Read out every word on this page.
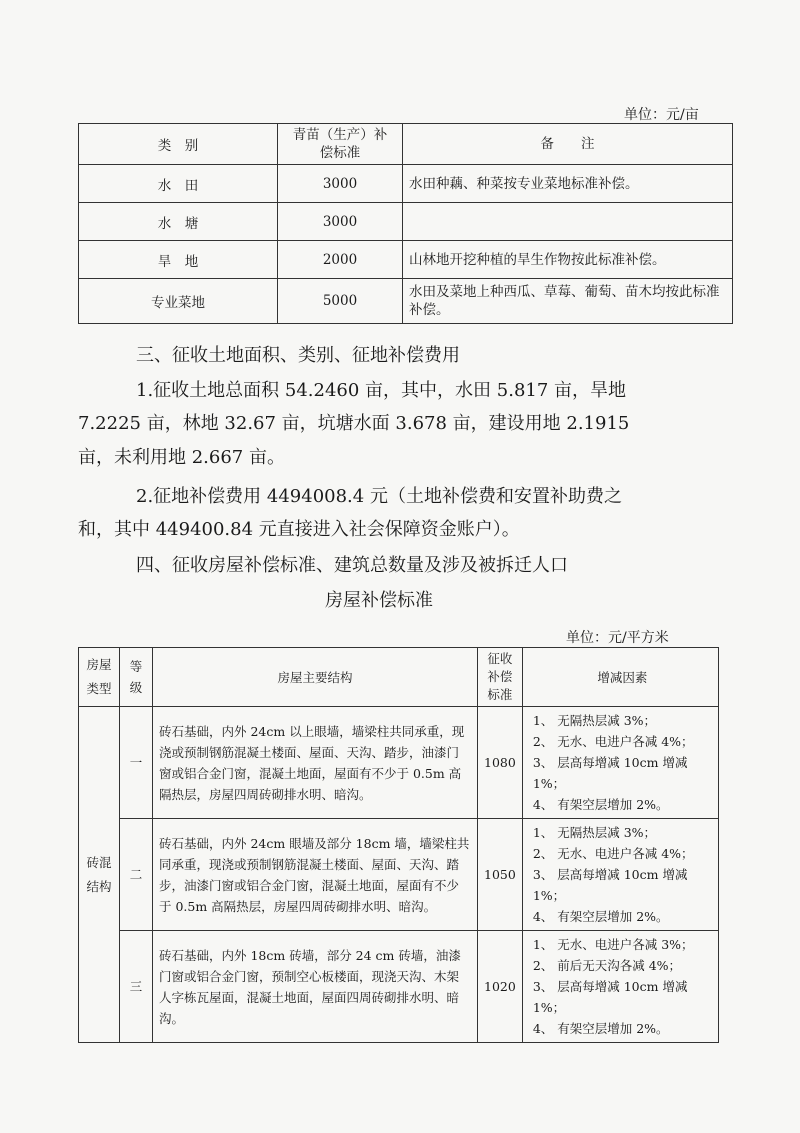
单位：元/亩
类　别	青苗（生产）补偿标准	备　　注
水　田	3000	水田种藕、种菜按专业菜地标准补偿。
水　塘	3000	
旱　地	2000	山林地开挖种植的旱生作物按此标准补偿。
专业菜地	5000	水田及菜地上种西瓜、草莓、葡萄、苗木均按此标准补偿。
三、征收土地面积、类别、征地补偿费用
1.征收土地总面积 54.2460 亩，其中，水田 5.817 亩，旱地
7.2225 亩，林地 32.67 亩，坑塘水面 3.678 亩，建设用地 2.1915
亩，未利用地 2.667 亩。
2.征地补偿费用 4494008.4 元（土地补偿费和安置补助费之
和，其中 449400.84 元直接进入社会保障资金账户）。
四、征收房屋补偿标准、建筑总数量及涉及被拆迁人口
房屋补偿标准
单位：元/平方米
房屋类型	等级	房屋主要结构	征收补偿标准	增减因素
砖混结构	一	砖石基础，内外 24cm 以上眼墙，墙梁柱共同承重，现浇或预制钢筋混凝土楼面、屋面、天沟、踏步，油漆门窗或铝合金门窗，混凝土地面，屋面有不少于 0.5m 高隔热层，房屋四周砖砌排水明、暗沟。	1080	1、 无隔热层减 3%；
2、 无水、电进户各减 4%；
3、 层高每增减 10cm 增减 1%；
4、 有架空层增加 2%。

	二	砖石基础，内外 24cm 眼墙及部分 18cm 墙，墙梁柱共同承重，现浇或预制钢筋混凝土楼面、屋面、天沟、踏步，油漆门窗或铝合金门窗，混凝土地面，屋面有不少于 0.5m 高隔热层，房屋四周砖砌排水明、暗沟。	1050	1、 无隔热层减 3%；
2、 无水、电进户各减 4%；
3、 层高每增减 10cm 增减 1%；
4、 有架空层增加 2%。

	三	砖石基础，内外 18cm 砖墙，部分 24 cm 砖墙，油漆门窗或铝合金门窗，预制空心板楼面，现浇天沟、木架人字栋瓦屋面，混凝土地面，屋面四周砖砌排水明、暗沟。	1020	1、 无水、电进户各减 3%；
2、 前后无天沟各减 4%；
3、 层高每增减 10cm 增减 1%；
4、 有架空层增加 2%。
